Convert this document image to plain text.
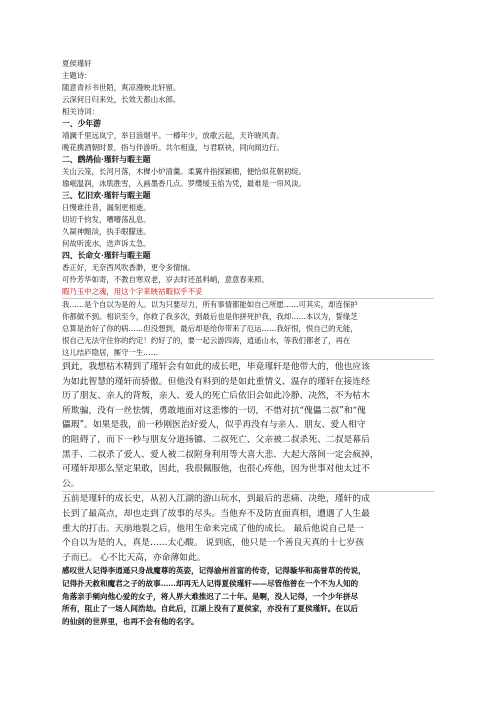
夏侯瑾轩
主题诗：
随意青衫书世陌，爽凉漫映北轩留。
云深何日归来处，长效天都山水郎。
相关诗词：
一、少年游
靖澜千里远岚宁，举目浪烟平。一樽年少，放歌云起，天许晓风青。
晚花携酒朝时景，指与伴游听。共尔相逢，与君联袂，同向闻边行。
二、鹧鸪仙·瑾轩与暇主题
关山云笼，长河月落，木樨小炉清羹。柔翼并指探颖楣，便恰似花朝初绽。
瑜岷温润，冰肌胜雪，入画墨香几点。罗缨缓玉焰为凭，最难是一帘风淡。
三、忆旧欢·瑾轩与暇主题
日慢谁往昔，漏刻更相逝。
切切千钧发，嘈嘈荡乱息。
久凝神黯淡，执手眼朦迷。
何故听流水，迭声诉太急。
四、长命女·瑾轩与暇主题
香正好，无奈西风吹香渺，更令多情恼。
可怜芳华如寄，不教自寒双老，岁去时还虽料峭，意意春来照。
暇乃玉中之魂，用这个字来映祜暇似乎不妥
我……是个自以为是的人。以为只要尽力，所有事情都能如自己所愿……可其实，却连保护
你都做不到。相识至今，你救了我多次，到最后也是你拼死护我，我却……本以为，誓缘芝
总算是治好了你的病……但没想到，最后却是给你带来了厄运……我好恨，恨自己的无能，
恨自己无法守住你的约定！约好了的，要一起云游四海，逍遥山水，等我们都老了，再在
这儿结庐隐居，厮守一生……
到此，我想枯木精到了瑾轩会有如此的成长吧，毕竟瑾轩是他带大的，他也应该
为如此智慧的瑾轩而骄傲。但他没有料到的是如此重情义、温存的瑾轩在接连经
历了朋友、亲人的背叛，亲人、爱人的死亡后依旧会如此冷静、决然，不为枯木
所欺骗，没有一丝怯懦，勇敢地面对这悲惨的一切，不惜对抗“傀儡二叔”和“傀
儡瑕”。如果是我，前一秒刚医治好爱人，似乎再没有与亲人、朋友、爱人相守
的阻碍了，而下一秒与朋友分道扬镳、二叔死亡、父亲被二叔杀死、二叔是幕后
黑手、二叔杀了爱人、爱人被二叔附身利用等大喜大悲、大起大落间一定会疯掉，
可瑾轩却那么坚定果敢，因此，我很佩服他，也很心疼他，因为世事对他太过不
公。
五前是瑾轩的成长史，从初入江湖的游山玩水，到最后的悲痛、决绝，瑾轩的成
长到了最高点，却也走到了故事的尽头。当他弃不及防直面真相，遭遇了人生最
重大的打击。天崩地裂之后，他用生命来完成了他的成长。 最后他说自己是一
个自以为是的人，真是……太心酸。 说到底，他只是一个善良天真的十七岁孩
子而已。 心不比天高，亦命薄如此。
感叹世人记得李逍遥只身战魔尊的英姿，记得渝州首富的传奇，记得璇华和高誉草的传说，
记得扑天救和魔君之子的故事……却再无人记得夏侯瑾轩——尽管他曾在一个不为人知的
角落亲手剜向他心爱的女子，将人界大难推迟了二十年。是啊，没人记得，一个少年拼尽
所有，阻止了一场人间浩劫。自此后，江湖上没有了夏侯家，亦没有了夏侯瑾轩。在以后
的仙剑的世界里，也再不会有他的名字。
